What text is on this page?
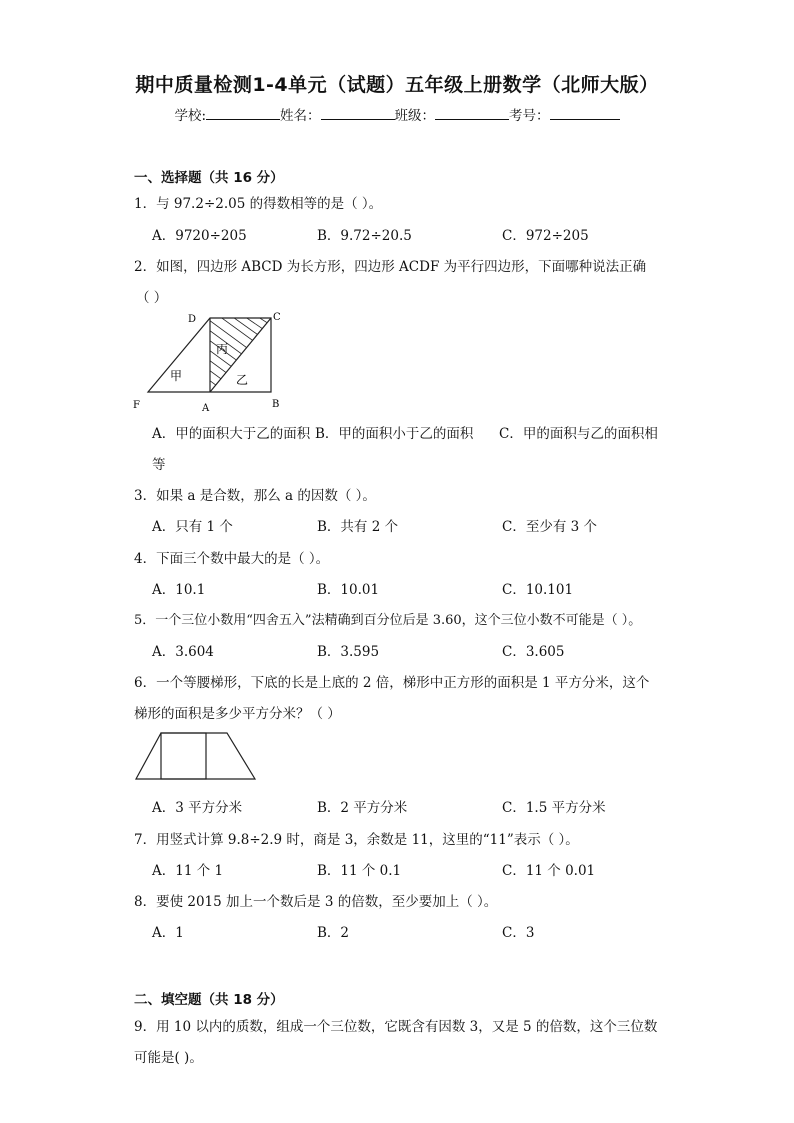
期中质量检测1-4单元（试题）五年级上册数学（北师大版）
学校:	姓名：	班级：	考号：
一、选择题（共 16 分）
1．与 97.2÷2.05 的得数相等的是（ ）。
A．9720÷205	B．9.72÷20.5	C．972÷205
2．如图，四边形 ABCD 为长方形，四边形 ACDF 为平行四边形，下面哪种说法正确
（ ）
D	C
F	A	B
甲	乙
丙
A．甲的面积大于乙的面积 B．甲的面积小于乙的面积 C．甲的面积与乙的面积相
等
3．如果 a 是合数，那么 a 的因数（ ）。
A．只有 1 个	B．共有 2 个	C．至少有 3 个
4．下面三个数中最大的是（ ）。
A．10.1	B．10.01	C．10.101
5．一个三位小数用“四舍五入”法精确到百分位后是 3.60，这个三位小数不可能是（ ）。
A．3.604	B．3.595	C．3.605
6．一个等腰梯形，下底的长是上底的 2 倍，梯形中正方形的面积是 1 平方分米，这个
梯形的面积是多少平方分米？（ ）
A．3 平方分米	B．2 平方分米	C．1.5 平方分米
7．用竖式计算 9.8÷2.9 时，商是 3，余数是 11，这里的“11”表示（ ）。
A．11 个 1	B．11 个 0.1	C．11 个 0.01
8．要使 2015 加上一个数后是 3 的倍数，至少要加上（ ）。
A．1	B．2	C．3
二、填空题（共 18 分）
9．用 10 以内的质数，组成一个三位数，它既含有因数 3，又是 5 的倍数，这个三位数
可能是( )。
